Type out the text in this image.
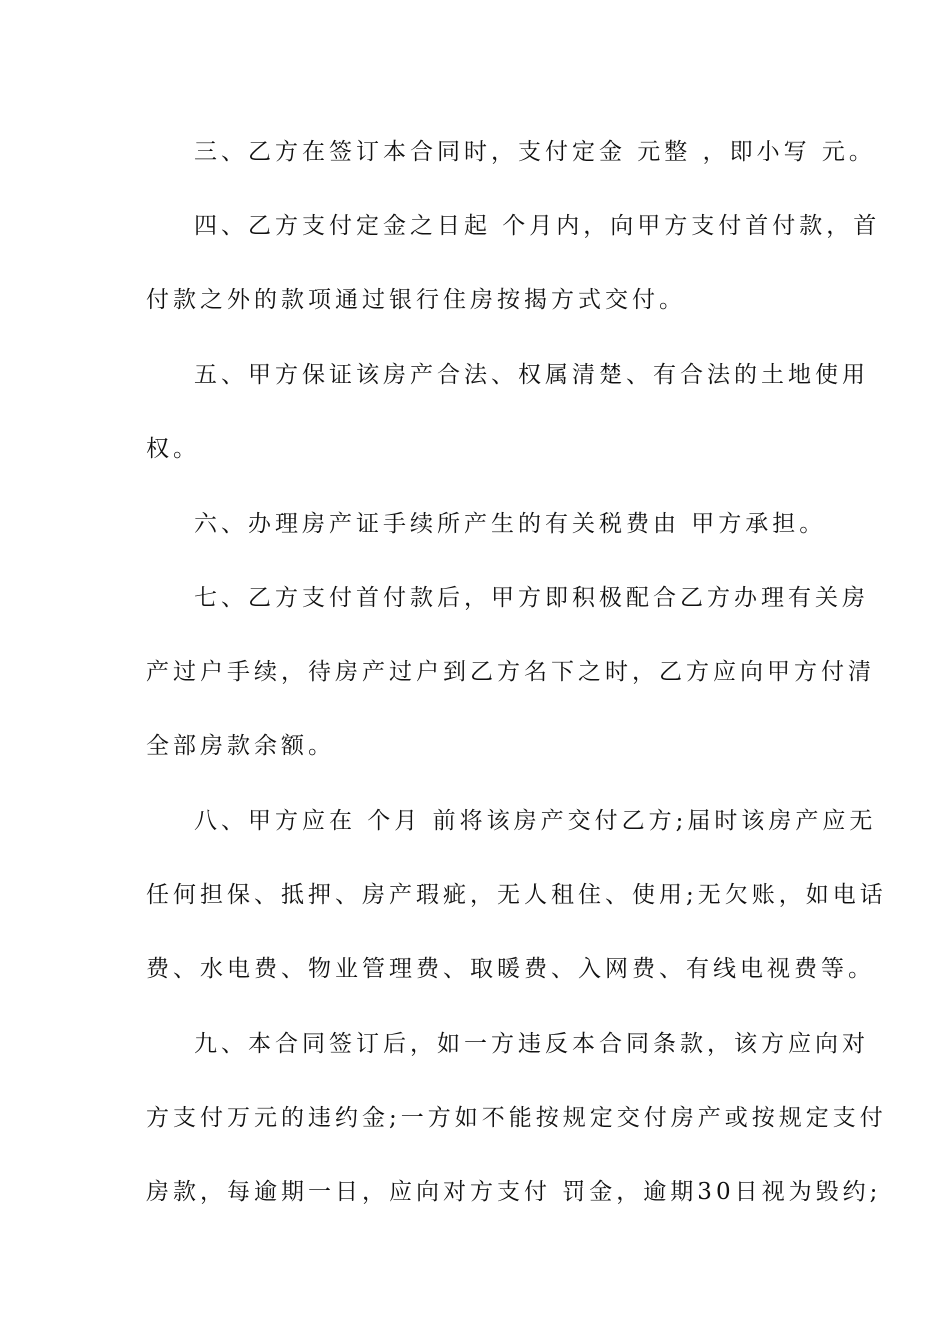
三、乙方在签订本合同时，支付定金 元整 ，即小写 元。
四、乙方支付定金之日起 个月内，向甲方支付首付款，首
付款之外的款项通过银行住房按揭方式交付。
五、甲方保证该房产合法、权属清楚、有合法的土地使用
权。
六、办理房产证手续所产生的有关税费由 甲方承担。
七、乙方支付首付款后，甲方即积极配合乙方办理有关房
产过户手续，待房产过户到乙方名下之时，乙方应向甲方付清
全部房款余额。
八、甲方应在 个月 前将该房产交付乙方;届时该房产应无
任何担保、抵押、房产瑕疵，无人租住、使用;无欠账，如电话
费、水电费、物业管理费、取暖费、入网费、有线电视费等。
九、本合同签订后，如一方违反本合同条款，该方应向对
方支付万元的违约金;一方如不能按规定交付房产或按规定支付
房款，每逾期一日，应向对方支付 罚金，逾期30日视为毁约;
